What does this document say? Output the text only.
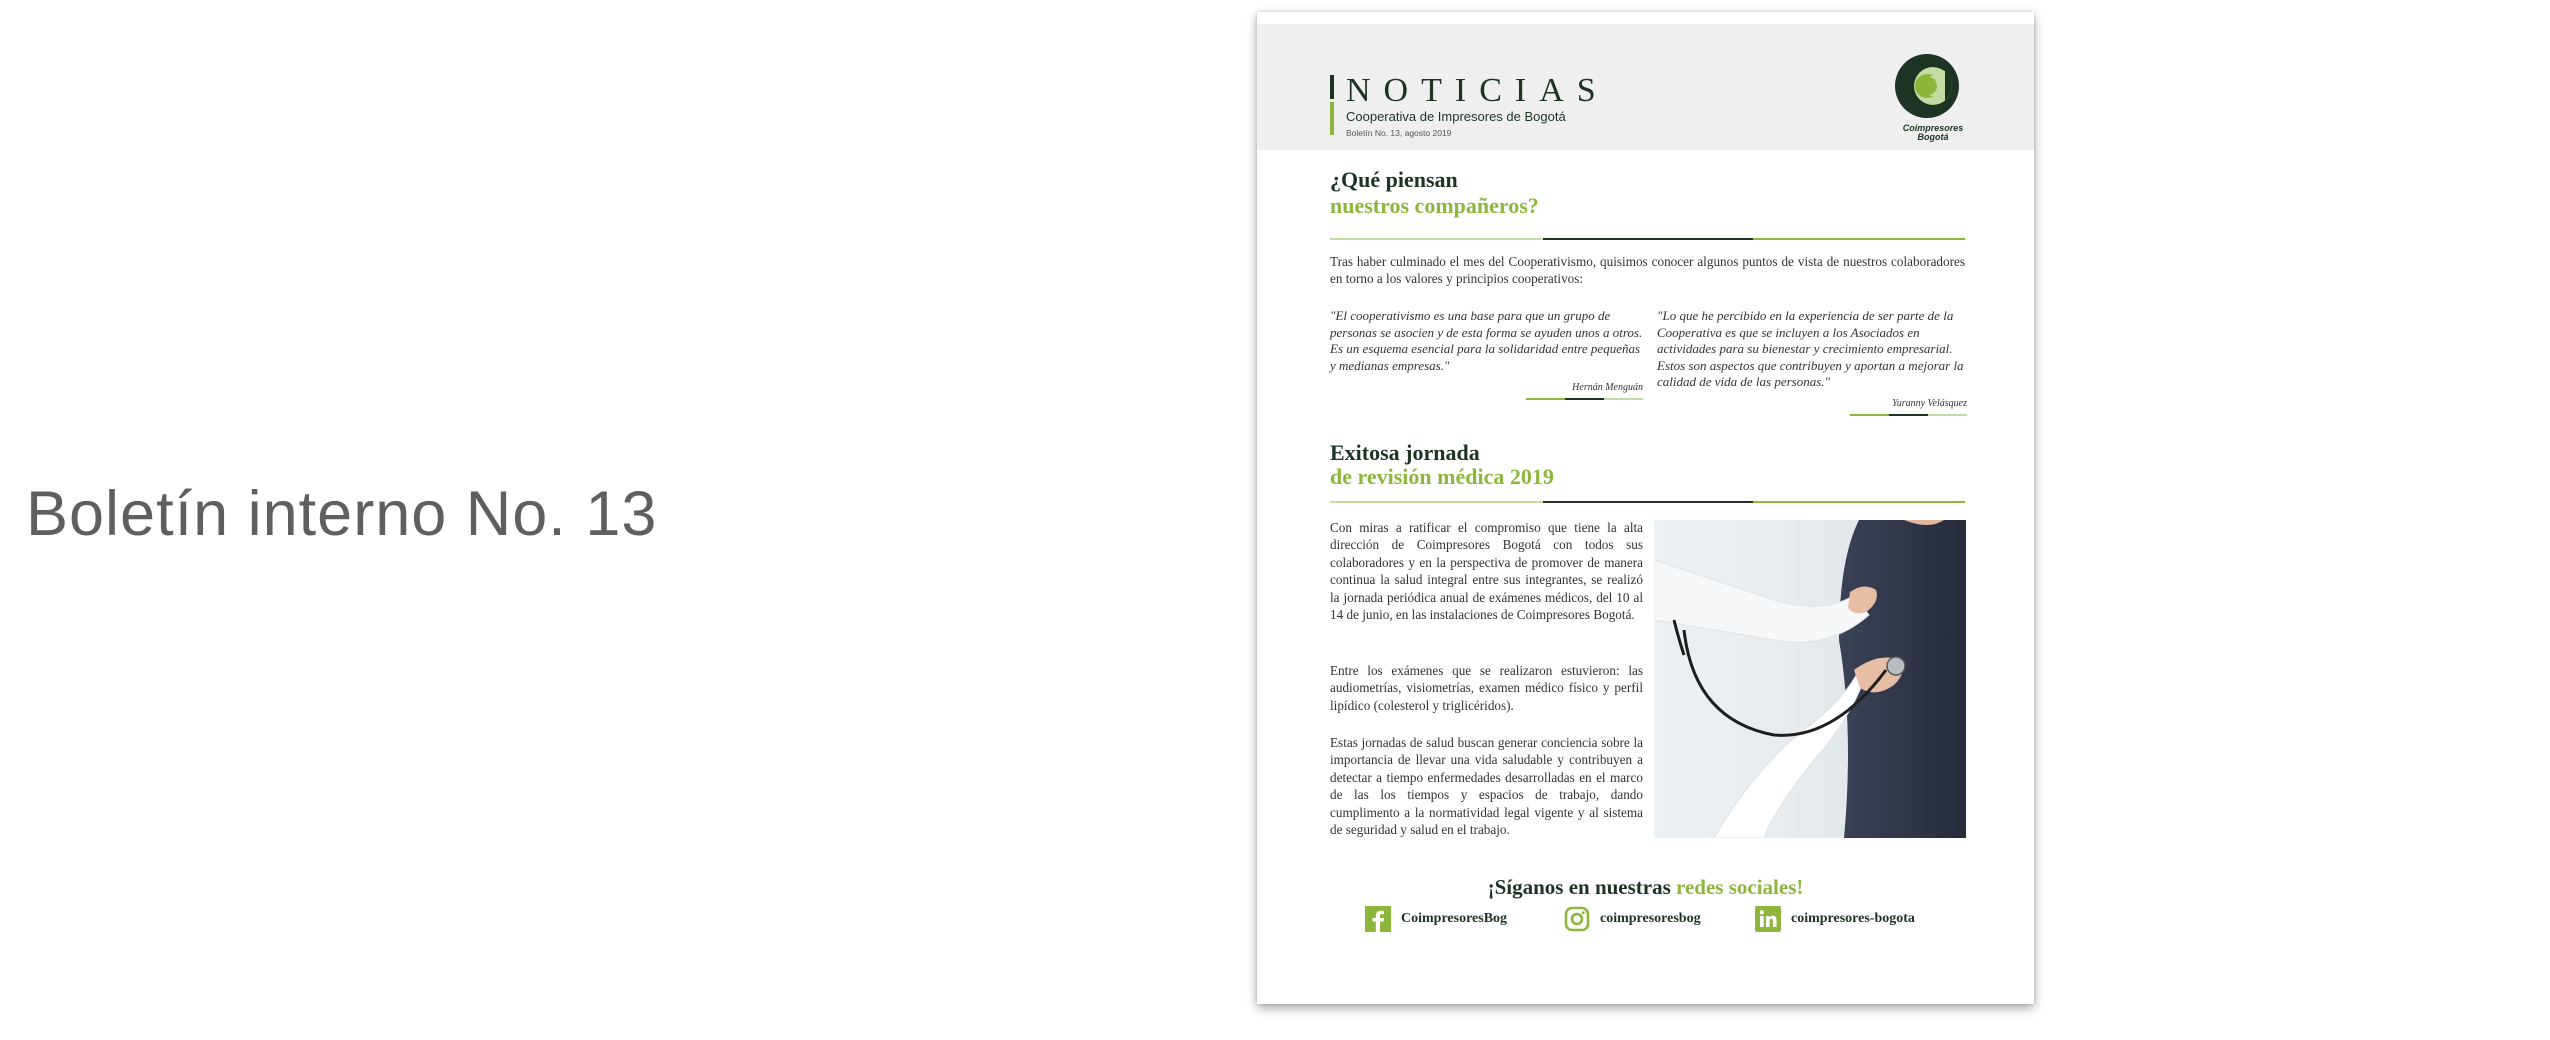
Boletín interno No. 13
NOTICIAS
Cooperativa de Impresores de Bogotá
Boletín No. 13, agosto 2019	Coimpresores
Bogotá
¿Qué piensan
nuestros compañeros?

Tras haber culminado el mes del Cooperativismo, quisimos conocer algunos puntos de vista de nuestros colaboradores en torno a los valores y principios cooperativos:

"El cooperativismo es una base para que un grupo de personas se asocien y de esta forma se ayuden unos a otros. Es un esquema esencial para la solidaridad entre pequeñas y medianas empresas."

Hernán Menguán

"Lo que he percibido en la experiencia de ser parte de la Cooperativa es que se incluyen a los Asociados en actividades para su bienestar y crecimiento empresarial. Estos son aspectos que contribuyen y aportan a mejorar la calidad de vida de las personas."

Yuranny Velásquez
Exitosa jornada
de revisión médica 2019

Con miras a ratificar el compromiso que tiene la alta dirección de Coimpresores Bogotá con todos sus colaboradores y en la perspectiva de promover de manera continua la salud integral entre sus integrantes, se realizó la jornada periódica anual de exámenes médicos, del 10 al 14 de junio, en las instalaciones de Coimpresores Bogotá.

Entre los exámenes que se realizaron estuvieron: las audiometrías, visiometrías, examen médico físico y perfil lipídico (colesterol y triglicéridos).

Estas jornadas de salud buscan generar conciencia sobre la importancia de llevar una vida saludable y contribuyen a detectar a tiempo enfermedades desarrolladas en el marco de las los tiempos y espacios de trabajo, dando cumplimento a la normatividad legal vigente y al sistema de seguridad y salud en el trabajo.

¡Síganos en nuestras redes sociales!
CoimpresoresBog	coimpresoresbog	coimpresores-bogota
